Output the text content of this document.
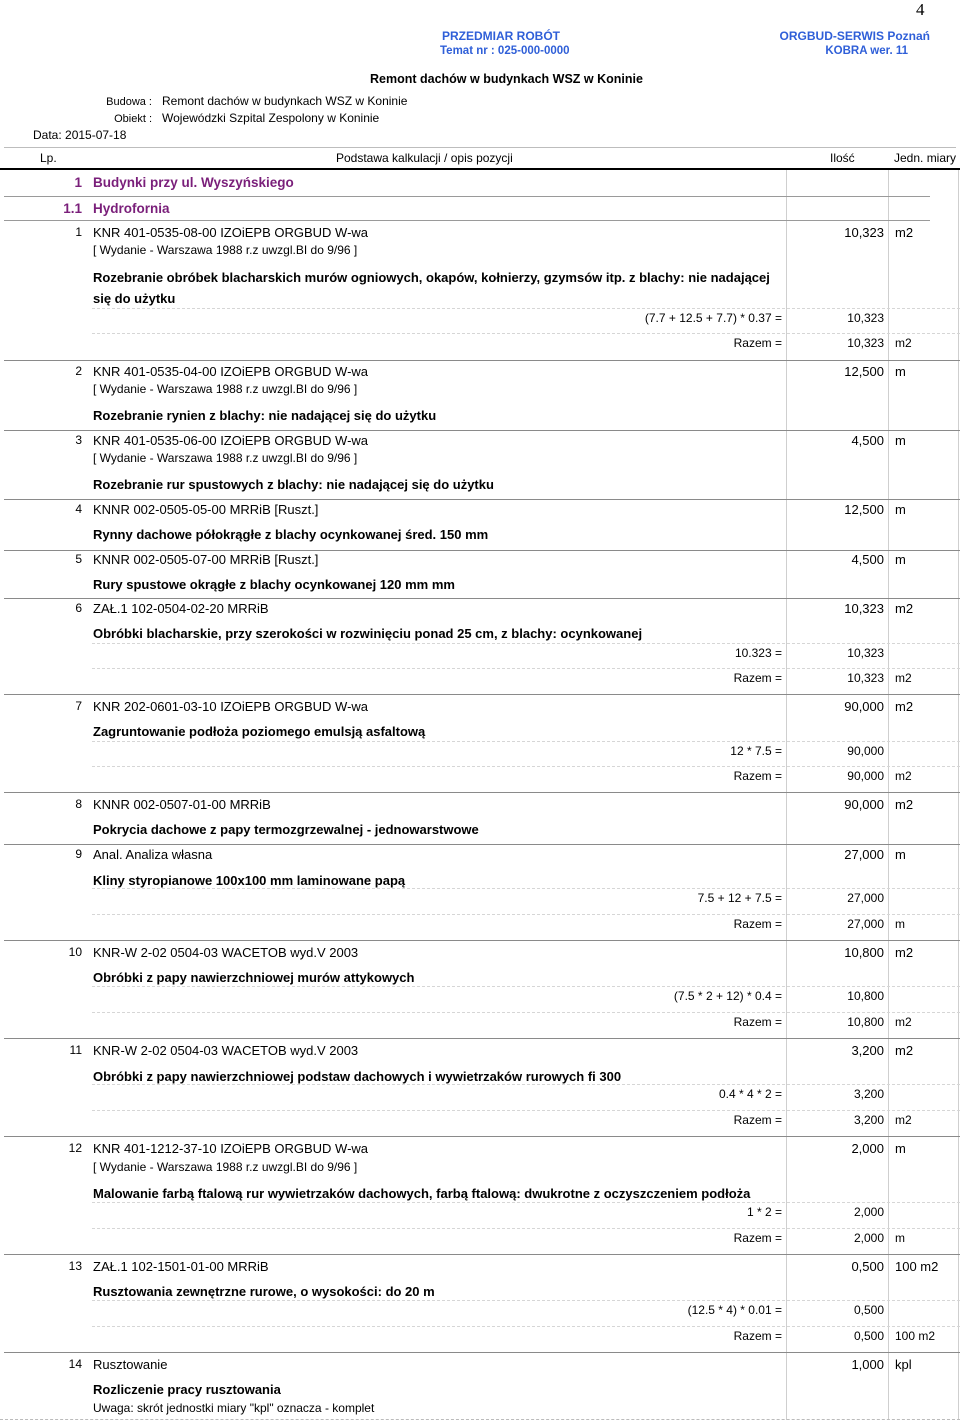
4
PRZEDMIAR ROBÓT
Temat nr : 025-000-0000
ORGBUD-SERWIS Poznań
KOBRA wer. 11
Remont dachów w budynkach WSZ w Koninie
Budowa : Remont dachów w budynkach WSZ w Koninie
Obiekt : Wojewódzki Szpital Zespolony w Koninie
Data: 2015-07-18
Lp.	Podstawa kalkulacji / opis pozycji	Ilość	Jedn. miary
1 Budynki przy ul. Wyszyńskiego
1.1 Hydrofornia
1 KNR 401-0535-08-00 IZOiEPB ORGBUD W-wa	10,323 m2
[ Wydanie - Warszawa 1988 r.z uwzgl.BI do 9/96 ]
Rozebranie obróbek blacharskich murów ogniowych, okapów, kołnierzy, gzymsów itp. z blachy: nie nadającej
się do użytku
(7.7 + 12.5 + 7.7) * 0.37 =	10,323
Razem =	10,323 m2
2 KNR 401-0535-04-00 IZOiEPB ORGBUD W-wa	12,500 m
[ Wydanie - Warszawa 1988 r.z uwzgl.BI do 9/96 ]
Rozebranie rynien z blachy: nie nadającej się do użytku
3 KNR 401-0535-06-00 IZOiEPB ORGBUD W-wa	4,500 m
[ Wydanie - Warszawa 1988 r.z uwzgl.BI do 9/96 ]
Rozebranie rur spustowych z blachy: nie nadającej się do użytku
4 KNNR 002-0505-05-00 MRRiB [Ruszt.]	12,500 m
Rynny dachowe półokrągłe z blachy ocynkowanej śred. 150 mm
5 KNNR 002-0505-07-00 MRRiB [Ruszt.]	4,500 m
Rury spustowe okrągłe z blachy ocynkowanej 120 mm mm
6 ZAŁ.1 102-0504-02-20 MRRiB	10,323 m2
Obróbki blacharskie, przy szerokości w rozwinięciu ponad 25 cm, z blachy: ocynkowanej
10.323 =	10,323
Razem =	10,323 m2
7 KNR 202-0601-03-10 IZOiEPB ORGBUD W-wa	90,000 m2
Zagruntowanie podłoża poziomego emulsją asfaltową
12 * 7.5 =	90,000
Razem =	90,000 m2
8 KNNR 002-0507-01-00 MRRiB	90,000 m2
Pokrycia dachowe z papy termozgrzewalnej - jednowarstwowe
9 Anal. Analiza własna	27,000 m
Kliny styropianowe 100x100 mm laminowane papą
7.5 + 12 + 7.5 =	27,000
Razem =	27,000 m
10 KNR-W 2-02 0504-03 WACETOB wyd.V 2003	10,800 m2
Obróbki z papy nawierzchniowej murów attykowych
(7.5 * 2 + 12) * 0.4 =	10,800
Razem =	10,800 m2
11 KNR-W 2-02 0504-03 WACETOB wyd.V 2003	3,200 m2
Obróbki z papy nawierzchniowej podstaw dachowych i wywietrzaków rurowych fi 300
0.4 * 4 * 2 =	3,200
Razem =	3,200 m2
12 KNR 401-1212-37-10 IZOiEPB ORGBUD W-wa	2,000 m
[ Wydanie - Warszawa 1988 r.z uwzgl.BI do 9/96 ]
Malowanie farbą ftalową rur wywietrzaków dachowych, farbą ftalową: dwukrotne z oczyszczeniem podłoża
1 * 2 =	2,000
Razem =	2,000 m
13 ZAŁ.1 102-1501-01-00 MRRiB	0,500 100 m2
Rusztowania zewnętrzne rurowe, o wysokości: do 20 m
(12.5 * 4) * 0.01 =	0,500
Razem =	0,500 100 m2
14 Rusztowanie	1,000 kpl
Rozliczenie pracy rusztowania
Uwaga: skrót jednostki miary "kpl" oznacza - komplet
